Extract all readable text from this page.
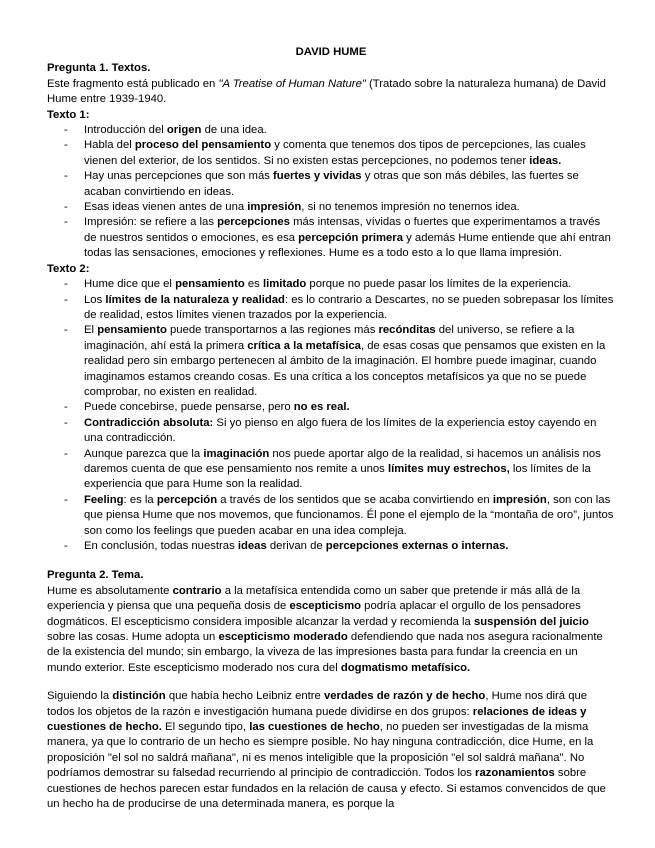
DAVID HUME
Pregunta 1. Textos.

Este fragmento está publicado en "A Treatise of Human Nature" (Tratado sobre la naturaleza humana) de David Hume entre 1939-1940.

Texto 1:
- Introducción del origen de una idea.
- Habla del proceso del pensamiento y comenta que tenemos dos tipos de percepciones, las cuales vienen del exterior, de los sentidos. Si no existen estas percepciones, no podemos tener ideas.
- Hay unas percepciones que son más fuertes y vividas y otras que son más débiles, las fuertes se acaban convirtiendo en ideas.
- Esas ideas vienen antes de una impresión, si no tenemos impresión no tenemos idea.
- Impresión: se refiere a las percepciones más intensas, vívidas o fuertes que experimentamos a través de nuestros sentidos o emociones, es esa percepción primera y además Hume entiende que ahí entran todas las sensaciones, emociones y reflexiones. Hume es a todo esto a lo que llama impresión.
Texto 2:
- Hume dice que el pensamiento es limitado porque no puede pasar los límites de la experiencia.
- Los límites de la naturaleza y realidad: es lo contrario a Descartes, no se pueden sobrepasar los límites de realidad, estos límites vienen trazados por la experiencia.
- El pensamiento puede transportarnos a las regiones más recónditas del universo, se refiere a la imaginación, ahí está la primera crítica a la metafísica, de esas cosas que pensamos que existen en la realidad pero sin embargo pertenecen al ámbito de la imaginación. El hombre puede imaginar, cuando imaginamos estamos creando cosas. Es una crítica a los conceptos metafísicos ya que no se puede comprobar, no existen en realidad.
- Puede concebirse, puede pensarse, pero no es real.
- Contradicción absoluta: Si yo pienso en algo fuera de los límites de la experiencia estoy cayendo en una contradicción.
- Aunque parezca que la imaginación nos puede aportar algo de la realidad, si hacemos un análisis nos daremos cuenta de que ese pensamiento nos remite a unos límites muy estrechos, los límites de la experiencia que para Hume son la realidad.
- Feeling: es la percepción a través de los sentidos que se acaba convirtiendo en impresión, son con las que piensa Hume que nos movemos, que funcionamos. Él pone el ejemplo de la “montaña de oro”, juntos son como los feelings que pueden acabar en una idea compleja.
- En conclusión, todas nuestras ideas derivan de percepciones externas o internas.
Pregunta 2. Tema.

Hume es absolutamente contrario a la metafísica entendida como un saber que pretende ir más allá de la experiencia y piensa que una pequeña dosis de escepticismo podría aplacar el orgullo de los pensadores dogmáticos. El escepticismo considera imposible alcanzar la verdad y recomienda la suspensión del juicio sobre las cosas. Hume adopta un escepticismo moderado defendiendo que nada nos asegura racionalmente de la existencia del mundo; sin embargo, la viveza de las impresiones basta para fundar la creencia en un mundo exterior. Este escepticismo moderado nos cura del dogmatismo metafísico.

Siguiendo la distinción que había hecho Leibniz entre verdades de razón y de hecho, Hume nos dirá que todos los objetos de la razón e investigación humana puede dividirse en dos grupos: relaciones de ideas y cuestiones de hecho. El segundo tipo, las cuestiones de hecho, no pueden ser investigadas de la misma manera, ya que lo contrario de un hecho es siempre posible. No hay ninguna contradicción, dice Hume, en la proposición "el sol no saldrá mañana", ni es menos inteligible que la proposición "el sol saldrá mañana". No podríamos demostrar su falsedad recurriendo al principio de contradicción. Todos los razonamientos sobre cuestiones de hechos parecen estar fundados en la relación de causa y efecto. Si estamos convencidos de que un hecho ha de producirse de una determinada manera, es porque la
